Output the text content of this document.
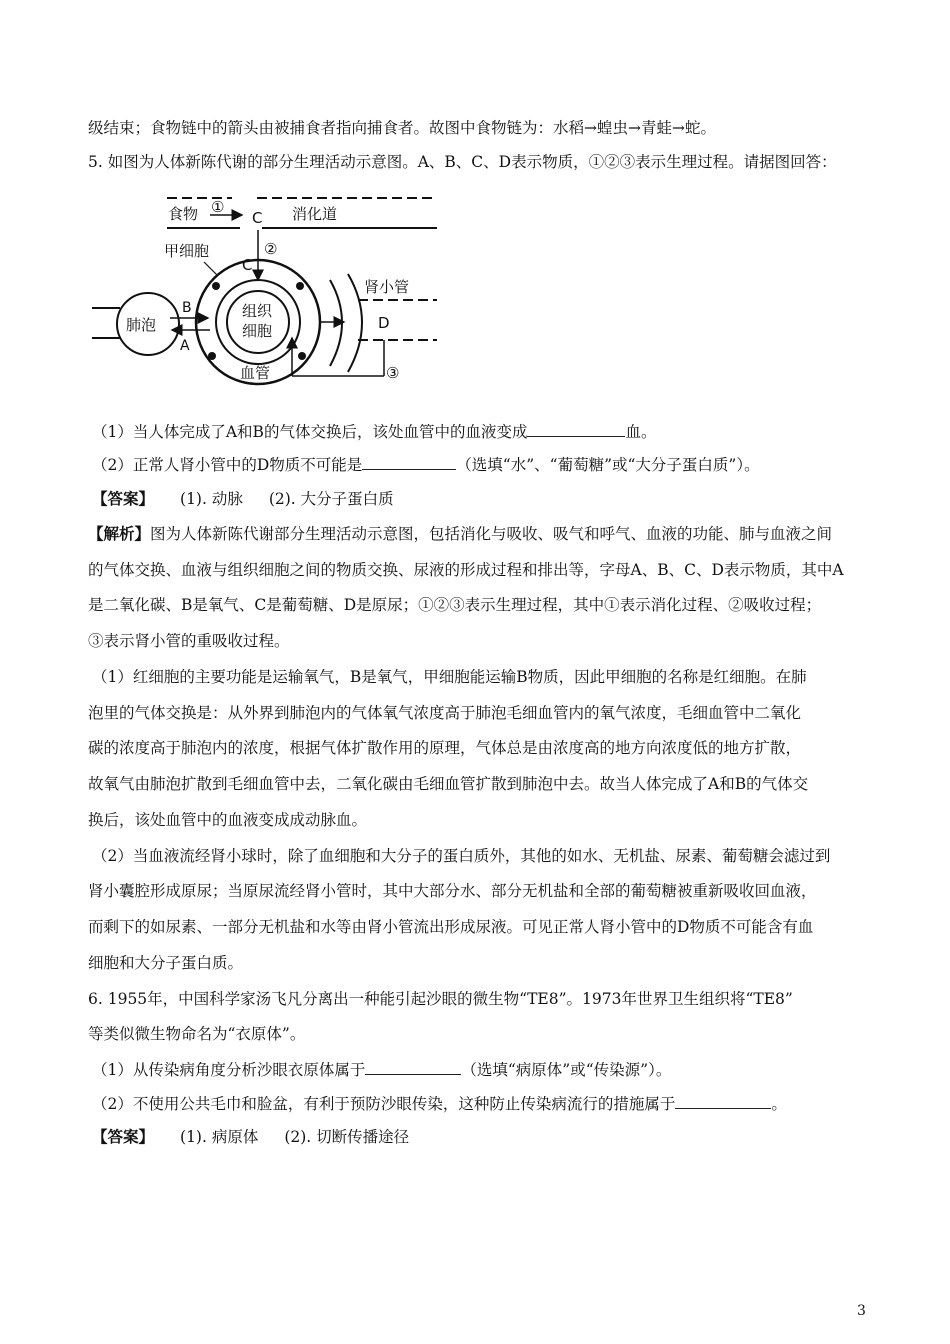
级结束；食物链中的箭头由被捕食者指向捕食者。故图中食物链为：水稻→蝗虫→青蛙→蛇。
5. 如图为人体新陈代谢的部分生理活动示意图。A、B、C、D表示物质，①②③表示生理过程。请据图回答：
食物 ①
C 消化道
②
C
甲细胞
肺泡
B
A
组织
细胞
血管
肾小管
D
③
（1）当人体完成了A和B的气体交换后，该处血管中的血液变成	血。
（2）正常人肾小管中的D物质不可能是	（选填“水”、“葡萄糖”或“大分子蛋白质”）。
【答案】 (1). 动脉 (2). 大分子蛋白质
【解析】图为人体新陈代谢部分生理活动示意图，包括消化与吸收、吸气和呼气、血液的功能、肺与血液之间
的气体交换、血液与组织细胞之间的物质交换、尿液的形成过程和排出等，字母A、B、C、D表示物质，其中A
是二氧化碳、B是氧气、C是葡萄糖、D是原尿；①②③表示生理过程，其中①表示消化过程、②吸收过程；
③表示肾小管的重吸收过程。
（1）红细胞的主要功能是运输氧气，B是氧气，甲细胞能运输B物质，因此甲细胞的名称是红细胞。在肺
泡里的气体交换是：从外界到肺泡内的气体氧气浓度高于肺泡毛细血管内的氧气浓度，毛细血管中二氧化
碳的浓度高于肺泡内的浓度，根据气体扩散作用的原理，气体总是由浓度高的地方向浓度低的地方扩散，
故氧气由肺泡扩散到毛细血管中去，二氧化碳由毛细血管扩散到肺泡中去。故当人体完成了A和B的气体交
换后，该处血管中的血液变成成动脉血。
（2）当血液流经肾小球时，除了血细胞和大分子的蛋白质外，其他的如水、无机盐、尿素、葡萄糖会滤过到
肾小囊腔形成原尿；当原尿流经肾小管时，其中大部分水、部分无机盐和全部的葡萄糖被重新吸收回血液，
而剩下的如尿素、一部分无机盐和水等由肾小管流出形成尿液。可见正常人肾小管中的D物质不可能含有血
细胞和大分子蛋白质。
6. 1955年，中国科学家汤飞凡分离出一种能引起沙眼的微生物“TE8”。1973年世界卫生组织将“TE8”
等类似微生物命名为“衣原体”。
（1）从传染病角度分析沙眼衣原体属于	（选填“病原体”或“传染源”）。
（2）不使用公共毛巾和脸盆，有利于预防沙眼传染，这种防止传染病流行的措施属于	。
【答案】 (1). 病原体 (2). 切断传播途径
3
